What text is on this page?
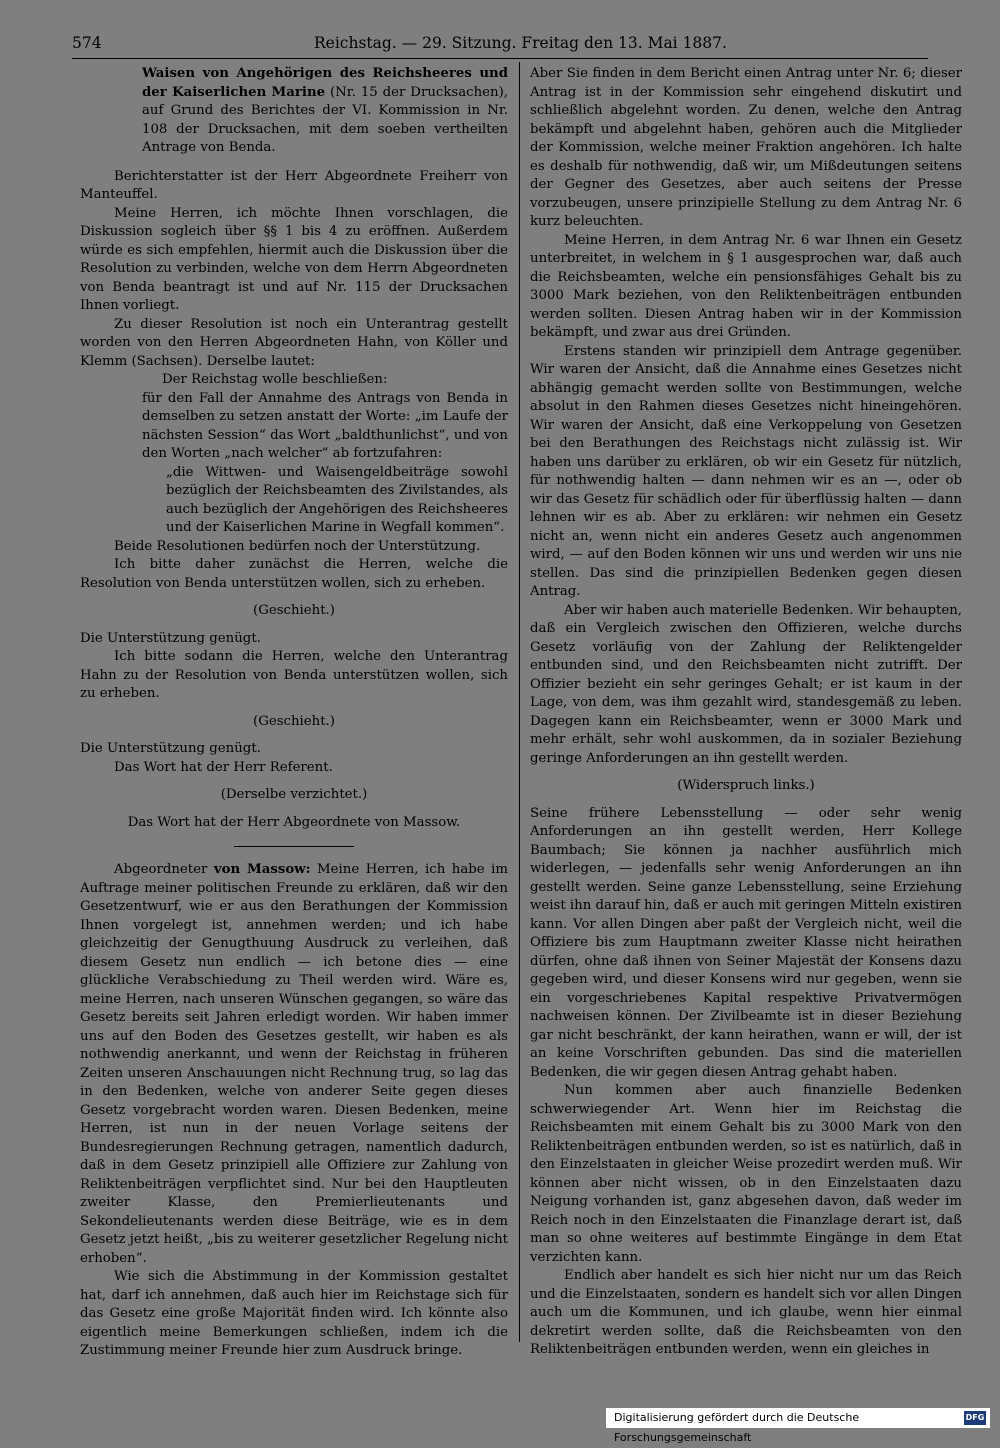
574	Reichstag. — 29. Sitzung. Freitag den 13. Mai 1887.

Waisen von Angehörigen des Reichsheeres und der Kaiserlichen Marine (Nr. 15 der Drucksachen), auf Grund des Berichtes der VI. Kommission in Nr. 108 der Drucksachen, mit dem soeben vertheilten Antrage von Benda.

Berichterstatter ist der Herr Abgeordnete Freiherr von Manteuffel.

Meine Herren, ich möchte Ihnen vorschlagen, die Diskussion sogleich über §§ 1 bis 4 zu eröffnen. Außerdem würde es sich empfehlen, hiermit auch die Diskussion über die Resolution zu verbinden, welche von dem Herrn Abgeordneten von Benda beantragt ist und auf Nr. 115 der Drucksachen Ihnen vorliegt.

Zu dieser Resolution ist noch ein Unterantrag gestellt worden von den Herren Abgeordneten Hahn, von Köller und Klemm (Sachsen). Derselbe lautet:

Der Reichstag wolle beschließen:

für den Fall der Annahme des Antrags von Benda in demselben zu setzen anstatt der Worte: „im Laufe der nächsten Session“ das Wort „baldthunlichst“, und von den Worten „nach welcher“ ab fortzufahren:

„die Wittwen- und Waisengeldbeiträge sowohl bezüglich der Reichsbeamten des Zivilstandes, als auch bezüglich der Angehörigen des Reichsheeres und der Kaiserlichen Marine in Wegfall kommen“.

Beide Resolutionen bedürfen noch der Unterstützung.

Ich bitte daher zunächst die Herren, welche die Resolution von Benda unterstützen wollen, sich zu erheben.

(Geschieht.)

Die Unterstützung genügt.

Ich bitte sodann die Herren, welche den Unterantrag Hahn zu der Resolution von Benda unterstützen wollen, sich zu erheben.

(Geschieht.)

Die Unterstützung genügt.

Das Wort hat der Herr Referent.

(Derselbe verzichtet.)

Das Wort hat der Herr Abgeordnete von Massow.

Abgeordneter von Massow: Meine Herren, ich habe im Auftrage meiner politischen Freunde zu erklären, daß wir den Gesetzentwurf, wie er aus den Berathungen der Kommission Ihnen vorgelegt ist, annehmen werden; und ich habe gleichzeitig der Genugthuung Ausdruck zu verleihen, daß diesem Gesetz nun endlich — ich betone dies — eine glückliche Verabschiedung zu Theil werden wird. Wäre es, meine Herren, nach unseren Wünschen gegangen, so wäre das Gesetz bereits seit Jahren erledigt worden. Wir haben immer uns auf den Boden des Gesetzes gestellt, wir haben es als nothwendig anerkannt, und wenn der Reichstag in früheren Zeiten unseren Anschauungen nicht Rechnung trug, so lag das in den Bedenken, welche von anderer Seite gegen dieses Gesetz vorgebracht worden waren. Diesen Bedenken, meine Herren, ist nun in der neuen Vorlage seitens der Bundesregierungen Rechnung getragen, namentlich dadurch, daß in dem Gesetz prinzipiell alle Offiziere zur Zahlung von Reliktenbeiträgen verpflichtet sind. Nur bei den Hauptleuten zweiter Klasse, den Premierlieutenants und Sekondelieutenants werden diese Beiträge, wie es in dem Gesetz jetzt heißt, „bis zu weiterer gesetzlicher Regelung nicht erhoben“.

Wie sich die Abstimmung in der Kommission gestaltet hat, darf ich annehmen, daß auch hier im Reichstage sich für das Gesetz eine große Majorität finden wird. Ich könnte also eigentlich meine Bemerkungen schließen, indem ich die Zustimmung meiner Freunde hier zum Ausdruck bringe.

Aber Sie finden in dem Bericht einen Antrag unter Nr. 6; dieser Antrag ist in der Kommission sehr eingehend diskutirt und schließlich abgelehnt worden. Zu denen, welche den Antrag bekämpft und abgelehnt haben, gehören auch die Mitglieder der Kommission, welche meiner Fraktion angehören. Ich halte es deshalb für nothwendig, daß wir, um Mißdeutungen seitens der Gegner des Gesetzes, aber auch seitens der Presse vorzubeugen, unsere prinzipielle Stellung zu dem Antrag Nr. 6 kurz beleuchten.

Meine Herren, in dem Antrag Nr. 6 war Ihnen ein Gesetz unterbreitet, in welchem in § 1 ausgesprochen war, daß auch die Reichsbeamten, welche ein pensionsfähiges Gehalt bis zu 3000 Mark beziehen, von den Reliktenbeiträgen entbunden werden sollten. Diesen Antrag haben wir in der Kommission bekämpft, und zwar aus drei Gründen.

Erstens standen wir prinzipiell dem Antrage gegenüber. Wir waren der Ansicht, daß die Annahme eines Gesetzes nicht abhängig gemacht werden sollte von Bestimmungen, welche absolut in den Rahmen dieses Gesetzes nicht hineingehören. Wir waren der Ansicht, daß eine Verkoppelung von Gesetzen bei den Berathungen des Reichstags nicht zulässig ist. Wir haben uns darüber zu erklären, ob wir ein Gesetz für nützlich, für nothwendig halten — dann nehmen wir es an —, oder ob wir das Gesetz für schädlich oder für überflüssig halten — dann lehnen wir es ab. Aber zu erklären: wir nehmen ein Gesetz nicht an, wenn nicht ein anderes Gesetz auch angenommen wird, — auf den Boden können wir uns und werden wir uns nie stellen. Das sind die prinzipiellen Bedenken gegen diesen Antrag.

Aber wir haben auch materielle Bedenken. Wir behaupten, daß ein Vergleich zwischen den Offizieren, welche durchs Gesetz vorläufig von der Zahlung der Reliktengelder entbunden sind, und den Reichsbeamten nicht zutrifft. Der Offizier bezieht ein sehr geringes Gehalt; er ist kaum in der Lage, von dem, was ihm gezahlt wird, standesgemäß zu leben. Dagegen kann ein Reichsbeamter, wenn er 3000 Mark und mehr erhält, sehr wohl auskommen, da in sozialer Beziehung geringe Anforderungen an ihn gestellt werden.

(Widerspruch links.)

Seine frühere Lebensstellung — oder sehr wenig Anforderungen an ihn gestellt werden, Herr Kollege Baumbach; Sie können ja nachher ausführlich mich widerlegen, — jedenfalls sehr wenig Anforderungen an ihn gestellt werden. Seine ganze Lebensstellung, seine Erziehung weist ihn darauf hin, daß er auch mit geringen Mitteln existiren kann. Vor allen Dingen aber paßt der Vergleich nicht, weil die Offiziere bis zum Hauptmann zweiter Klasse nicht heirathen dürfen, ohne daß ihnen von Seiner Majestät der Konsens dazu gegeben wird, und dieser Konsens wird nur gegeben, wenn sie ein vorgeschriebenes Kapital respektive Privatvermögen nachweisen können. Der Zivilbeamte ist in dieser Beziehung gar nicht beschränkt, der kann heirathen, wann er will, der ist an keine Vorschriften gebunden. Das sind die materiellen Bedenken, die wir gegen diesen Antrag gehabt haben.

Nun kommen aber auch finanzielle Bedenken schwerwiegender Art. Wenn hier im Reichstag die Reichsbeamten mit einem Gehalt bis zu 3000 Mark von den Reliktenbeiträgen entbunden werden, so ist es natürlich, daß in den Einzelstaaten in gleicher Weise prozedirt werden muß. Wir können aber nicht wissen, ob in den Einzelstaaten dazu Neigung vorhanden ist, ganz abgesehen davon, daß weder im Reich noch in den Einzelstaaten die Finanzlage derart ist, daß man so ohne weiteres auf bestimmte Eingänge in dem Etat verzichten kann.

Endlich aber handelt es sich hier nicht nur um das Reich und die Einzelstaaten, sondern es handelt sich vor allen Dingen auch um die Kommunen, und ich glaube, wenn hier einmal dekretirt werden sollte, daß die Reichsbeamten von den Reliktenbeiträgen entbunden werden, wenn ein gleiches in

Digitalisierung gefördert durch die Deutsche Forschungsgemeinschaft
DFG
